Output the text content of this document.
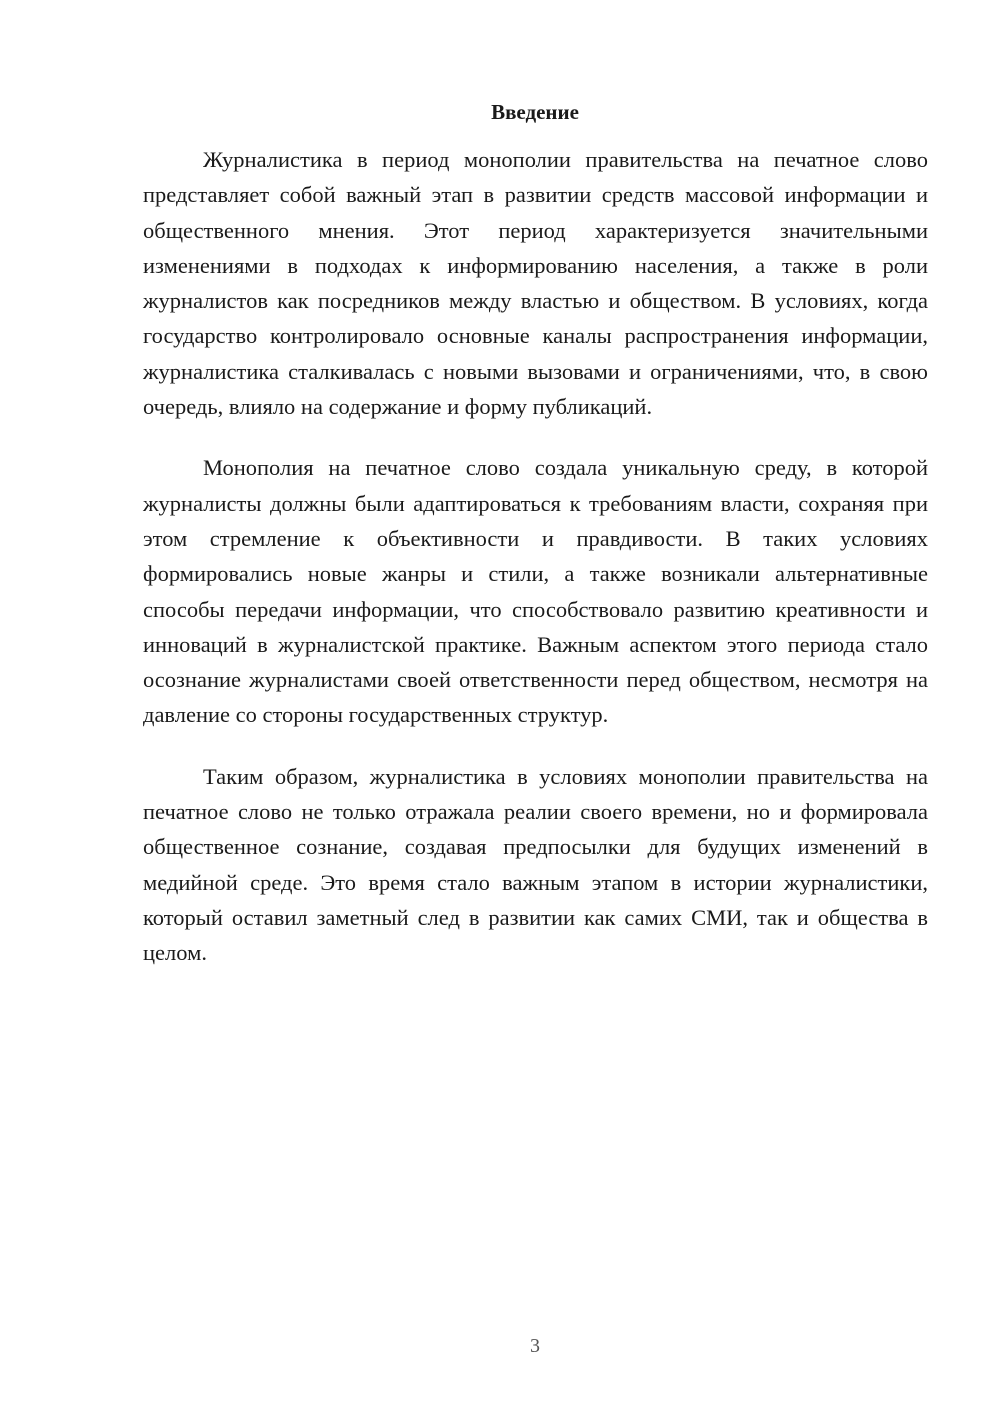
Введение

Журналистика в период монополии правительства на печатное слово представляет собой важный этап в развитии средств массовой информации и общественного мнения. Этот период характеризуется значительными изменениями в подходах к информированию населения, а также в роли журналистов как посредников между властью и обществом. В условиях, когда государство контролировало основные каналы распространения информации, журналистика сталкивалась с новыми вызовами и ограничениями, что, в свою очередь, влияло на содержание и форму публикаций.

Монополия на печатное слово создала уникальную среду, в которой журналисты должны были адаптироваться к требованиям власти, сохраняя при этом стремление к объективности и правдивости. В таких условиях формировались новые жанры и стили, а также возникали альтернативные способы передачи информации, что способствовало развитию креативности и инноваций в журналистской практике. Важным аспектом этого периода стало осознание журналистами своей ответственности перед обществом, несмотря на давление со стороны государственных структур.

Таким образом, журналистика в условиях монополии правительства на печатное слово не только отражала реалии своего времени, но и формировала общественное сознание, создавая предпосылки для будущих изменений в медийной среде. Это время стало важным этапом в истории журналистики, который оставил заметный след в развитии как самих СМИ, так и общества в целом.

3
